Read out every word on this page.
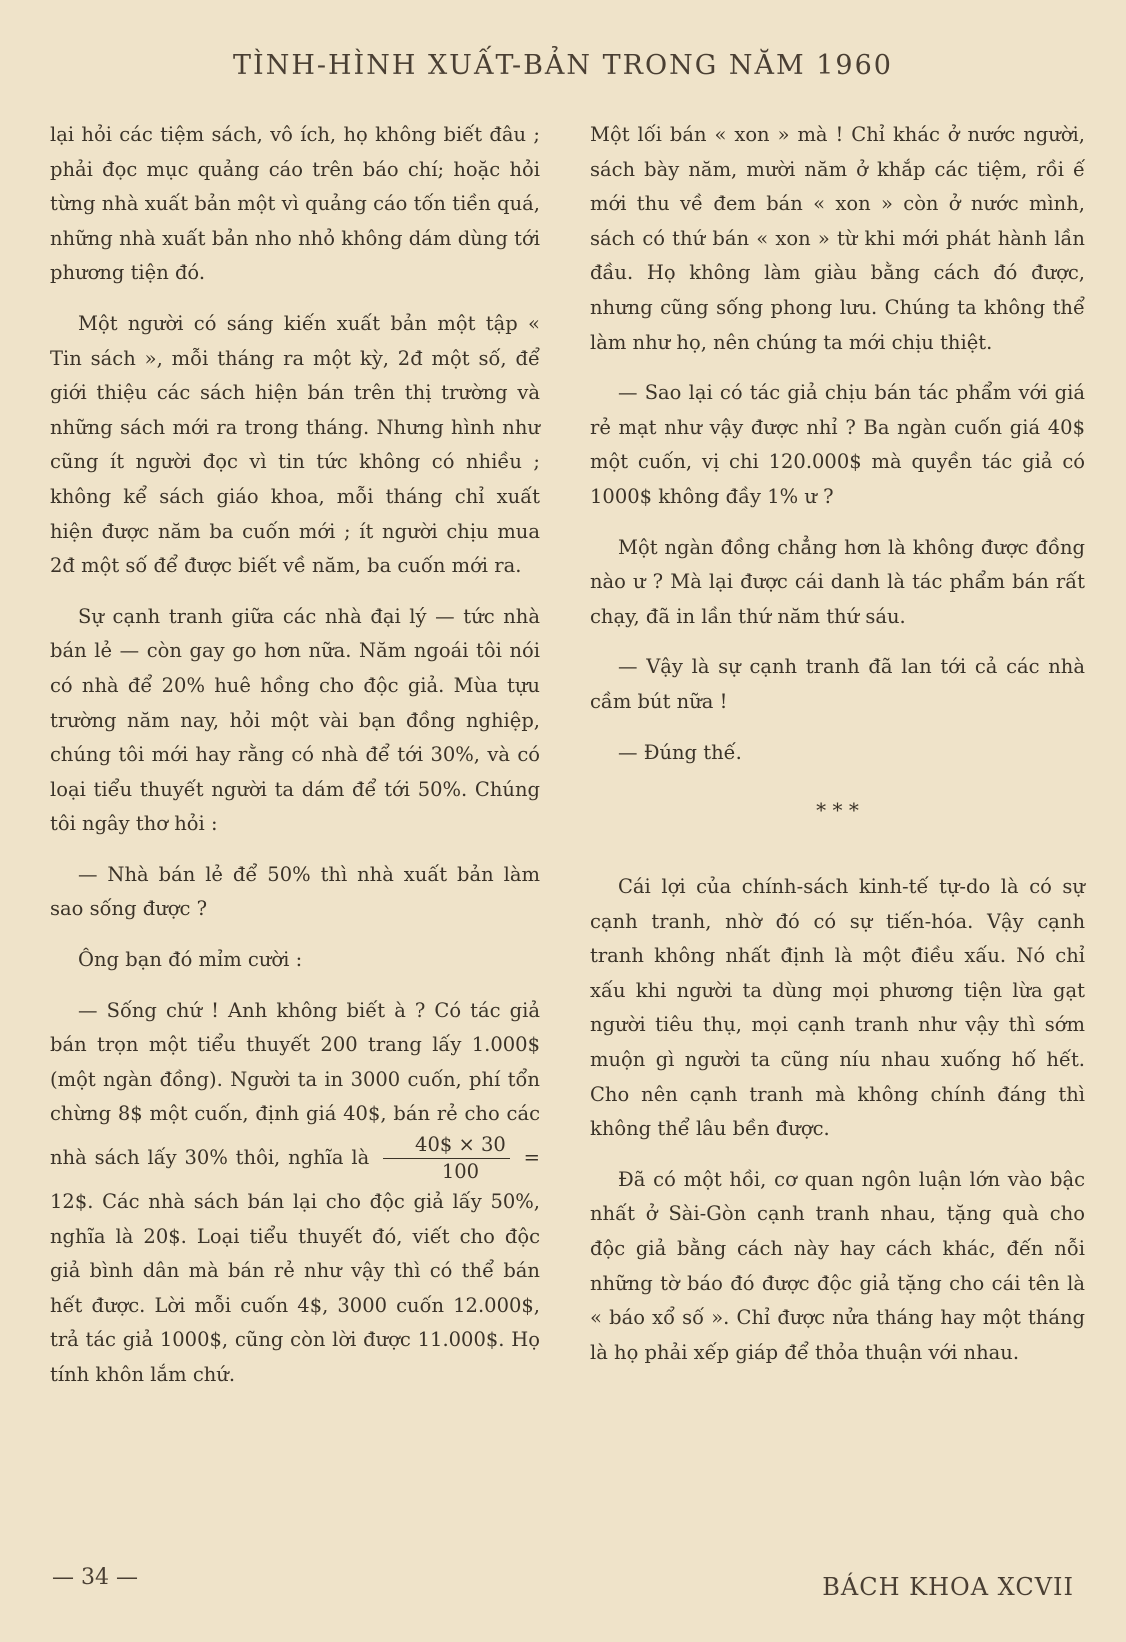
TÌNH-HÌNH XUẤT-BẢN TRONG NĂM 1960

lại hỏi các tiệm sách, vô ích, họ không biết đâu ; phải đọc mục quảng cáo trên báo chí; hoặc hỏi từng nhà xuất bản một vì quảng cáo tốn tiền quá, những nhà xuất bản nho nhỏ không dám dùng tới phương tiện đó.

Một người có sáng kiến xuất bản một tập « Tin sách », mỗi tháng ra một kỳ, 2đ một số, để giới thiệu các sách hiện bán trên thị trường và những sách mới ra trong tháng. Nhưng hình như cũng ít người đọc vì tin tức không có nhiều ; không kể sách giáo khoa, mỗi tháng chỉ xuất hiện được năm ba cuốn mới ; ít người chịu mua 2đ một số để được biết về năm, ba cuốn mới ra.

Sự cạnh tranh giữa các nhà đại lý — tức nhà bán lẻ — còn gay go hơn nữa. Năm ngoái tôi nói có nhà để 20% huê hồng cho độc giả. Mùa tựu trường năm nay, hỏi một vài bạn đồng nghiệp, chúng tôi mới hay rằng có nhà để tới 30%, và có loại tiểu thuyết người ta dám để tới 50%. Chúng tôi ngây thơ hỏi :

— Nhà bán lẻ để 50% thì nhà xuất bản làm sao sống được ?

Ông bạn đó mỉm cười :

— Sống chứ ! Anh không biết à ? Có tác giả bán trọn một tiểu thuyết 200 trang lấy 1.000$ (một ngàn đồng). Người ta in 3000 cuốn, phí tổn chừng 8$ một cuốn, định giá 40$, bán rẻ cho các nhà sách lấy 30% thôi, nghĩa là $\frac{40\$ \times 30}{100}$ = 12$. Các nhà sách bán lại cho độc giả lấy 50%, nghĩa là 20$. Loại tiểu thuyết đó, viết cho độc giả bình dân mà bán rẻ như vậy thì có thể bán hết được. Lời mỗi cuốn 4$, 3000 cuốn 12.000$, trả tác giả 1000$, cũng còn lời được 11.000$. Họ tính khôn lắm chứ.

Một lối bán « xon » mà ! Chỉ khác ở nước người, sách bày năm, mười năm ở khắp các tiệm, rồi ế mới thu về đem bán « xon » còn ở nước mình, sách có thứ bán « xon » từ khi mới phát hành lần đầu. Họ không làm giàu bằng cách đó được, nhưng cũng sống phong lưu. Chúng ta không thể làm như họ, nên chúng ta mới chịu thiệt.

— Sao lại có tác giả chịu bán tác phẩm với giá rẻ mạt như vậy được nhỉ ? Ba ngàn cuốn giá 40$ một cuốn, vị chi 120.000$ mà quyền tác giả có 1000$ không đầy 1% ư ?

Một ngàn đồng chẳng hơn là không được đồng nào ư ? Mà lại được cái danh là tác phẩm bán rất chạy, đã in lần thứ năm thứ sáu.

— Vậy là sự cạnh tranh đã lan tới cả các nhà cầm bút nữa !

— Đúng thế.

* * *

Cái lợi của chính-sách kinh-tế tự-do là có sự cạnh tranh, nhờ đó có sự tiến-hóa. Vậy cạnh tranh không nhất định là một điều xấu. Nó chỉ xấu khi người ta dùng mọi phương tiện lừa gạt người tiêu thụ, mọi cạnh tranh như vậy thì sớm muộn gì người ta cũng níu nhau xuống hố hết. Cho nên cạnh tranh mà không chính đáng thì không thể lâu bền được.

Đã có một hồi, cơ quan ngôn luận lớn vào bậc nhất ở Sài-Gòn cạnh tranh nhau, tặng quà cho độc giả bằng cách này hay cách khác, đến nỗi những tờ báo đó được độc giả tặng cho cái tên là « báo xổ số ». Chỉ được nửa tháng hay một tháng là họ phải xếp giáp để thỏa thuận với nhau.

— 34 —	BÁCH KHOA XCVII
